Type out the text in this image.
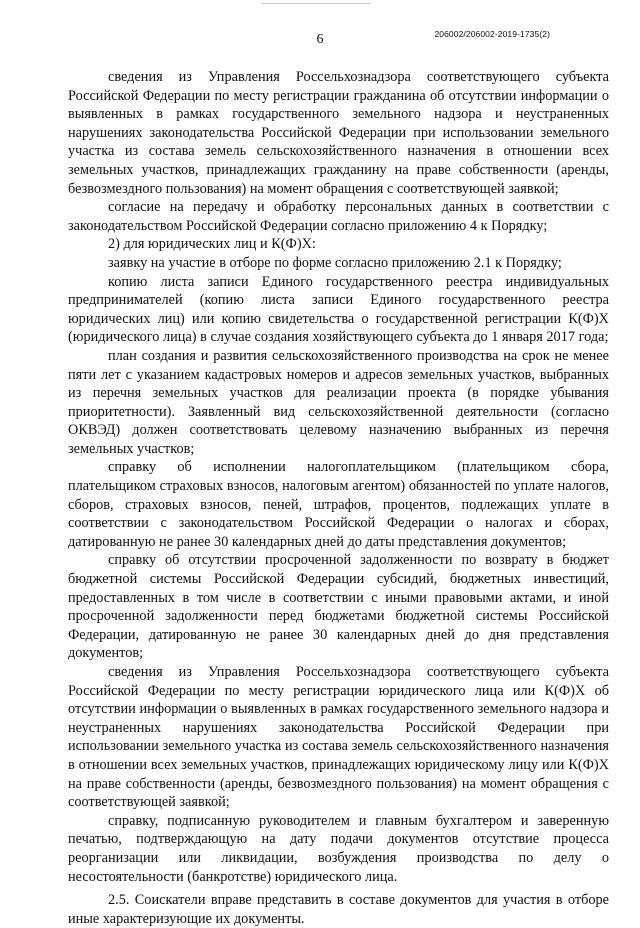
6	206002/206002-2019-1735(2)

сведения из Управления Россельхознадзора соответствующего субъекта Российской Федерации по месту регистрации гражданина об отсутствии информации о выявленных в рамках государственного земельного надзора и неустраненных нарушениях законодательства Российской Федерации при использовании земельного участка из состава земель сельскохозяйственного назначения в отношении всех земельных участков, принадлежащих гражданину на праве собственности (аренды, безвозмездного пользования) на момент обращения с соответствующей заявкой;

согласие на передачу и обработку персональных данных в соответствии с законодательством Российской Федерации согласно приложению 4 к Порядку;

2) для юридических лиц и К(Ф)Х:

заявку на участие в отборе по форме согласно приложению 2.1 к Порядку;

копию листа записи Единого государственного реестра индивидуальных предпринимателей (копию листа записи Единого государственного реестра юридических лиц) или копию свидетельства о государственной регистрации К(Ф)Х (юридического лица) в случае создания хозяйствующего субъекта до 1 января 2017 года;

план создания и развития сельскохозяйственного производства на срок не менее пяти лет с указанием кадастровых номеров и адресов земельных участков, выбранных из перечня земельных участков для реализации проекта (в порядке убывания приоритетности). Заявленный вид сельскохозяйственной деятельности (согласно ОКВЭД) должен соответствовать целевому назначению выбранных из перечня земельных участков;

справку об исполнении налогоплательщиком (плательщиком сбора, плательщиком страховых взносов, налоговым агентом) обязанностей по уплате налогов, сборов, страховых взносов, пеней, штрафов, процентов, подлежащих уплате в соответствии с законодательством Российской Федерации о налогах и сборах, датированную не ранее 30 календарных дней до даты представления документов;

справку об отсутствии просроченной задолженности по возврату в бюджет бюджетной системы Российской Федерации субсидий, бюджетных инвестиций, предоставленных в том числе в соответствии с иными правовыми актами, и иной просроченной задолженности перед бюджетами бюджетной системы Российской Федерации, датированную не ранее 30 календарных дней до дня представления документов;

сведения из Управления Россельхознадзора соответствующего субъекта Российской Федерации по месту регистрации юридического лица или К(Ф)Х об отсутствии информации о выявленных в рамках государственного земельного надзора и неустраненных нарушениях законодательства Российской Федерации при использовании земельного участка из состава земель сельскохозяйственного назначения в отношении всех земельных участков, принадлежащих юридическому лицу или К(Ф)Х на праве собственности (аренды, безвозмездного пользования) на момент обращения с соответствующей заявкой;

справку, подписанную руководителем и главным бухгалтером и заверенную печатью, подтверждающую на дату подачи документов отсутствие процесса реорганизации или ликвидации, возбуждения производства по делу о несостоятельности (банкротстве) юридического лица.

2.5. Соискатели вправе представить в составе документов для участия в отборе иные характеризующие их документы.
